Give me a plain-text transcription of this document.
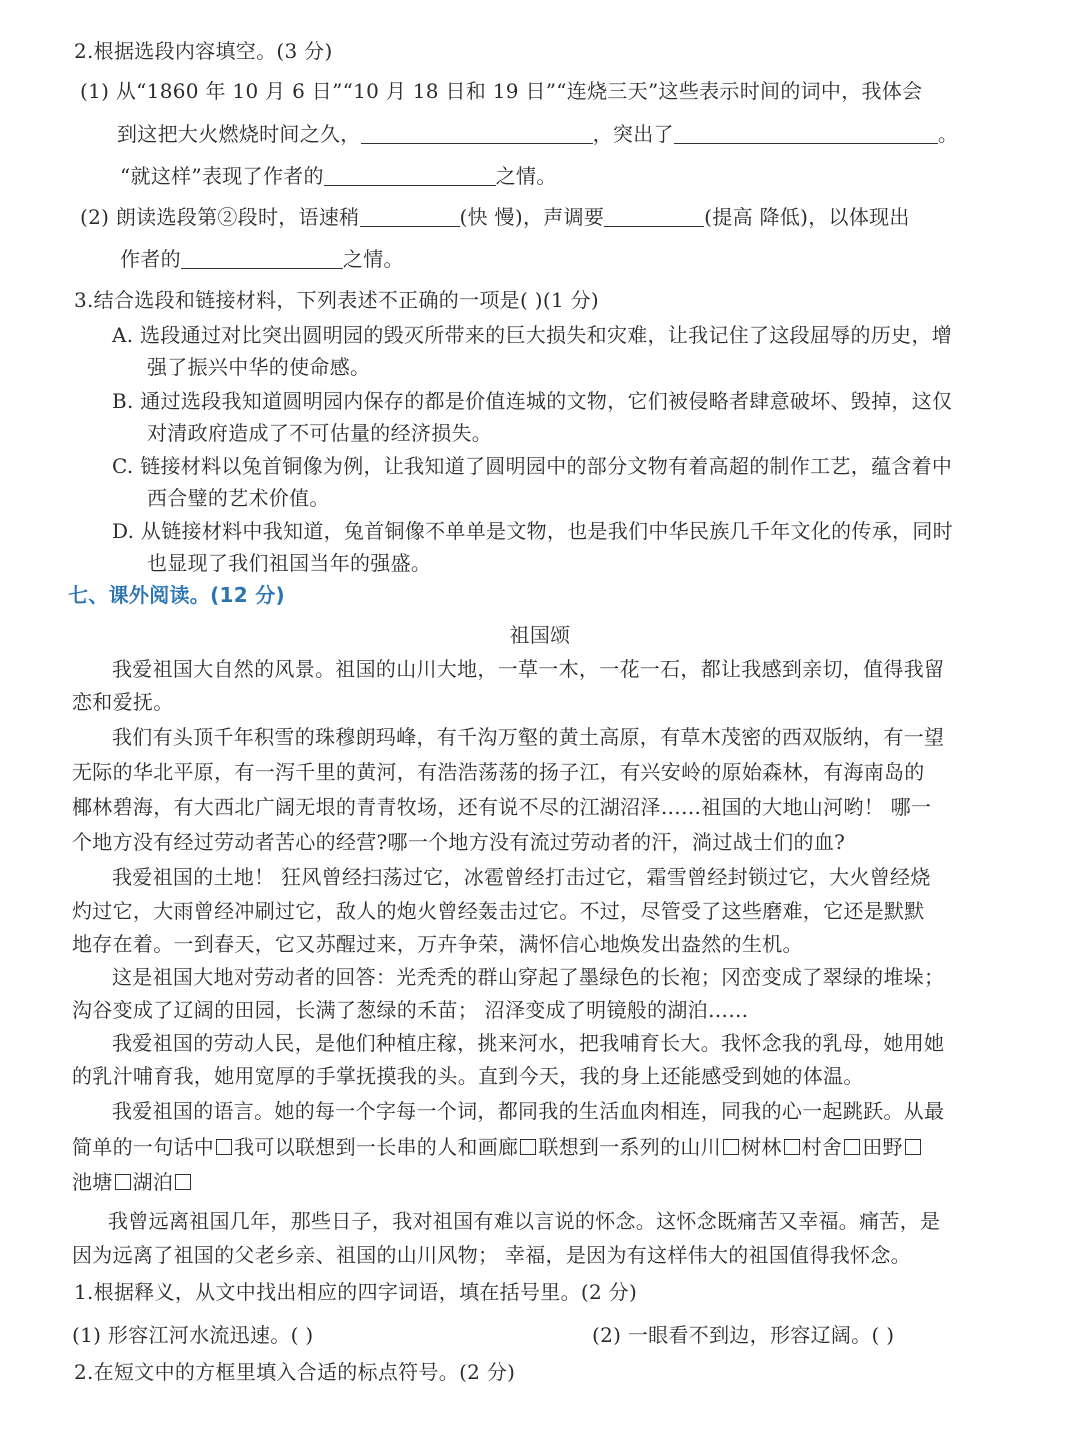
2.根据选段内容填空。(3 分)
(1) 从“1860 年 10 月 6 日”“10 月 18 日和 19 日”“连烧三天”这些表示时间的词中，我体会
到这把大火燃烧时间之久，	，突出了	。
“就这样”表现了作者的	之情。
(2) 朗读选段第②段时，语速稍	(快 慢)，声调要	(提高 降低)，以体现出
作者的	之情。
3.结合选段和链接材料，下列表述不正确的一项是( )(1 分)
A. 选段通过对比突出圆明园的毁灭所带来的巨大损失和灾难，让我记住了这段屈辱的历史，增
强了振兴中华的使命感。
B. 通过选段我知道圆明园内保存的都是价值连城的文物，它们被侵略者肆意破坏、毁掉，这仅
对清政府造成了不可估量的经济损失。
C. 链接材料以兔首铜像为例，让我知道了圆明园中的部分文物有着高超的制作工艺，蕴含着中
西合璧的艺术价值。
D. 从链接材料中我知道，兔首铜像不单单是文物，也是我们中华民族几千年文化的传承，同时
也显现了我们祖国当年的强盛。
七、课外阅读。(12 分)
祖国颂
我爱祖国大自然的风景。祖国的山川大地，一草一木，一花一石，都让我感到亲切，值得我留
恋和爱抚。
我们有头顶千年积雪的珠穆朗玛峰，有千沟万壑的黄土高原，有草木茂密的西双版纳，有一望
无际的华北平原，有一泻千里的黄河，有浩浩荡荡的扬子江，有兴安岭的原始森林，有海南岛的
椰林碧海，有大西北广阔无垠的青青牧场，还有说不尽的江湖沼泽……祖国的大地山河哟！ 哪一
个地方没有经过劳动者苦心的经营?哪一个地方没有流过劳动者的汗，淌过战士们的血?
我爱祖国的土地！ 狂风曾经扫荡过它，冰雹曾经打击过它，霜雪曾经封锁过它，大火曾经烧
灼过它，大雨曾经冲刷过它，敌人的炮火曾经轰击过它。不过，尽管受了这些磨难，它还是默默
地存在着。一到春天，它又苏醒过来，万卉争荣，满怀信心地焕发出盎然的生机。
这是祖国大地对劳动者的回答：光秃秃的群山穿起了墨绿色的长袍；冈峦变成了翠绿的堆垛；
沟谷变成了辽阔的田园，长满了葱绿的禾苗； 沼泽变成了明镜般的湖泊……
我爱祖国的劳动人民，是他们种植庄稼，挑来河水，把我哺育长大。我怀念我的乳母，她用她
的乳汁哺育我，她用宽厚的手掌抚摸我的头。直到今天，我的身上还能感受到她的体温。
我爱祖国的语言。她的每一个字每一个词，都同我的生活血肉相连，同我的心一起跳跃。从最
简单的一句话中 我可以联想到一长串的人和画廊 联想到一系列的山川 树林 村舍 田野
池塘 湖泊
我曾远离祖国几年，那些日子，我对祖国有难以言说的怀念。这怀念既痛苦又幸福。痛苦，是
因为远离了祖国的父老乡亲、祖国的山川风物； 幸福，是因为有这样伟大的祖国值得我怀念。
1.根据释义，从文中找出相应的四字词语，填在括号里。(2 分)
(1) 形容江河水流迅速。( )	(2) 一眼看不到边，形容辽阔。( )
2.在短文中的方框里填入合适的标点符号。(2 分)
